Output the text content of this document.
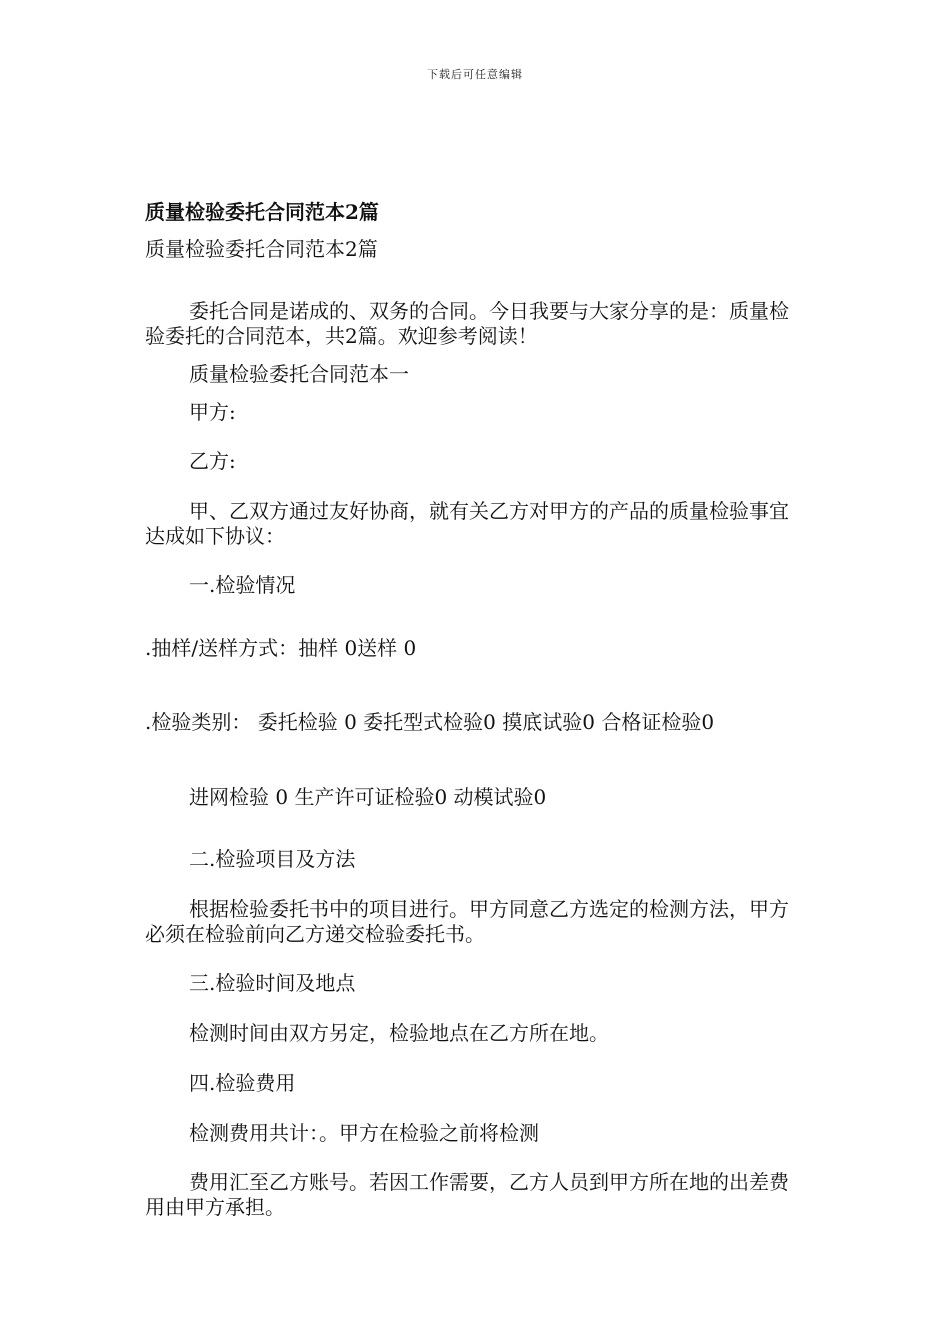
下载后可任意编辑
质量检验委托合同范本2篇
质量检验委托合同范本2篇
委托合同是诺成的、双务的合同。今日我要与大家分享的是：质量检验委托的合同范本，共2篇。欢迎参考阅读！
质量检验委托合同范本一
甲方:
乙方:
甲、乙双方通过友好协商，就有关乙方对甲方的产品的质量检验事宜达成如下协议：
一.检验情况
.抽样/送样方式：抽样 0送样 0
.检验类别： 委托检验 0 委托型式检验0 摸底试验0 合格证检验0
进网检验 0 生产许可证检验0 动模试验0
二.检验项目及方法
根据检验委托书中的项目进行。甲方同意乙方选定的检测方法，甲方必须在检验前向乙方递交检验委托书。
三.检验时间及地点
检测时间由双方另定，检验地点在乙方所在地。
四.检验费用
检测费用共计：。甲方在检验之前将检测
费用汇至乙方账号。若因工作需要，乙方人员到甲方所在地的出差费用由甲方承担。
